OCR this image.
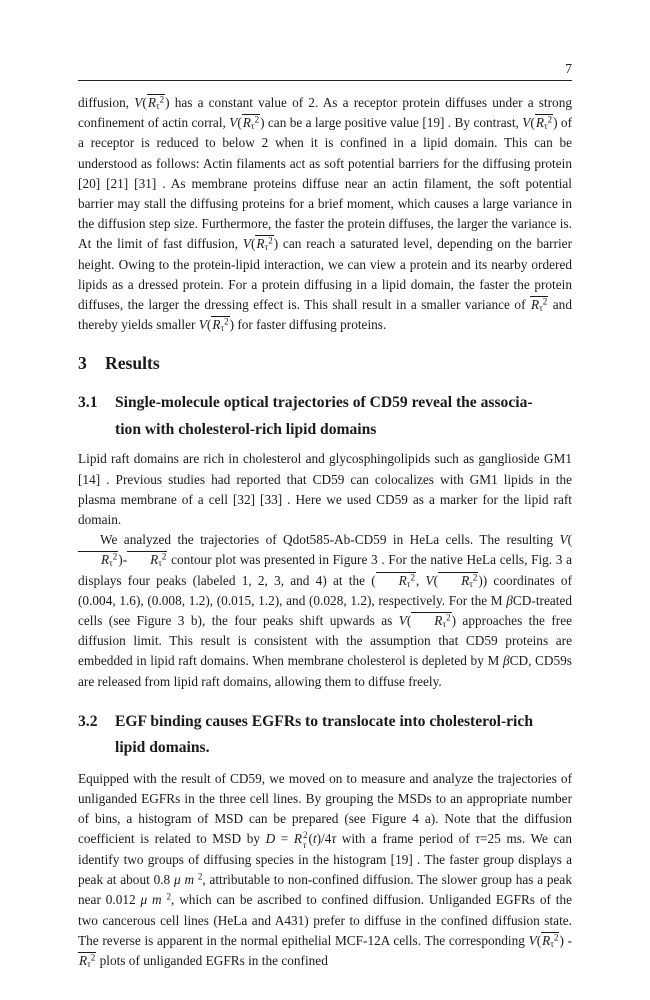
7

diffusion, $V(R_\tau^2)$ has a constant value of 2. As a receptor protein diffuses under a strong confinement of actin corral, $V(R_\tau^2)$ can be a large positive value [19] . By contrast, $V(R_\tau^2)$ of a receptor is reduced to below 2 when it is confined in a lipid domain. This can be understood as follows: Actin filaments act as soft potential barriers for the diffusing protein [20] [21] [31] . As membrane proteins diffuse near an actin filament, the soft potential barrier may stall the diffusing proteins for a brief moment, which causes a large variance in the diffusion step size. Furthermore, the faster the protein diffuses, the larger the variance is. At the limit of fast diffusion, $V(R_\tau^2)$ can reach a saturated level, depending on the barrier height. Owing to the protein-lipid interaction, we can view a protein and its nearby ordered lipids as a dressed protein. For a protein diffusing in a lipid domain, the faster the protein diffuses, the larger the dressing effect is. This shall result in a smaller variance of $R_\tau^2$ and thereby yields smaller $V(R_\tau^2)$ for faster diffusing proteins.

3	Results
3.1	Single-molecule optical trajectories of CD59 reveal the associa-
tion with cholesterol-rich lipid domains

Lipid raft domains are rich in cholesterol and glycosphingolipids such as ganglioside GM1 [14] . Previous studies had reported that CD59 can colocalizes with GM1 lipids in the plasma membrane of a cell [32] [33] . Here we used CD59 as a marker for the lipid raft domain.

We analyzed the trajectories of Qdot585-Ab-CD59 in HeLa cells. The resulting $V(R_\tau^2)-$ $R_\tau^2$ contour plot was presented in Figure 3 . For the native HeLa cells, Fig. 3 a displays four peaks (labeled 1, 2, 3, and 4) at the ( $R_\tau^2$, V( $R_\tau^2$)) coordinates of (0.004, 1.6), (0.008, 1.2), (0.015, 1.2), and (0.028, 1.2), respectively. For the M βCD-treated cells (see Figure 3 b), the four peaks shift upwards as V( $R_\tau^2$) approaches the free diffusion limit. This result is consistent with the assumption that CD59 proteins are embedded in lipid raft domains. When membrane cholesterol is depleted by M βCD, CD59s are released from lipid raft domains, allowing them to diffuse freely.

3.2	EGF binding causes EGFRs to translocate into cholesterol-rich
lipid domains.

Equipped with the result of CD59, we moved on to measure and analyze the trajectories of unliganded EGFRs in the three cell lines. By grouping the MSDs to an appropriate number of bins, a histogram of MSD can be prepared (see Figure 4 a). Note that the diffusion coefficient is related to MSD by D = R 2
τ (t)/4τ with a frame period of τ=25 ms. We can identify two groups of diffusing species in the histogram [19] . The faster group displays a peak at about 0.8 μ m $^2$, attributable to non-confined diffusion. The slower group has a peak near 0.012 μ m $^2$, which can be ascribed to confined diffusion. Unliganded EGFRs of the two cancerous cell lines (HeLa and A431) prefer to diffuse in the confined diffusion state. The reverse is apparent in the normal epithelial MCF-12A cells. The corresponding $V(R_\tau^2)$ $-R_\tau^2$ plots of unliganded EGFRs in the confined
